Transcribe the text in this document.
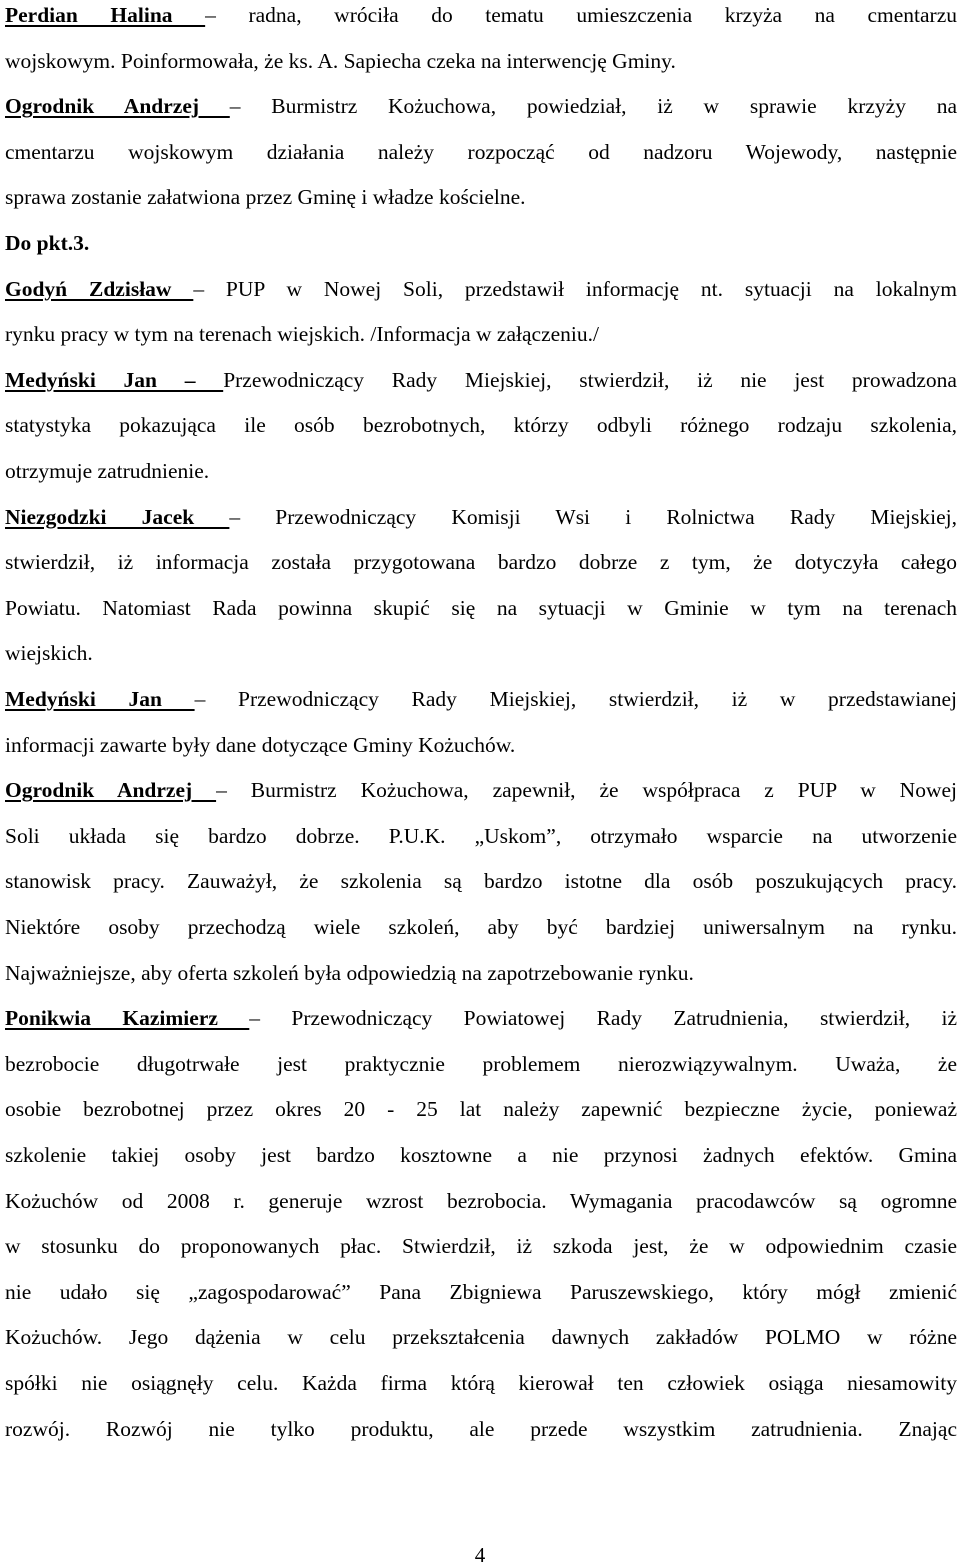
Perdian Halina – radna, wróciła do tematu umieszczenia krzyża na cmentarzu
wojskowym. Poinformowała, że ks. A. Sapiecha czeka na interwencję Gminy.
Ogrodnik Andrzej – Burmistrz Kożuchowa, powiedział, iż w sprawie krzyży na
cmentarzu wojskowym działania należy rozpocząć od nadzoru Wojewody, następnie
sprawa zostanie załatwiona przez Gminę i władze kościelne.
Do pkt.3.
Godyń Zdzisław – PUP w Nowej Soli, przedstawił informację nt. sytuacji na lokalnym
rynku pracy w tym na terenach wiejskich. /Informacja w załączeniu./
Medyński Jan – Przewodniczący Rady Miejskiej, stwierdził, iż nie jest prowadzona
statystyka pokazująca ile osób bezrobotnych, którzy odbyli różnego rodzaju szkolenia,
otrzymuje zatrudnienie.
Niezgodzki Jacek – Przewodniczący Komisji Wsi i Rolnictwa Rady Miejskiej,
stwierdził, iż informacja została przygotowana bardzo dobrze z tym, że dotyczyła całego
Powiatu. Natomiast Rada powinna skupić się na sytuacji w Gminie w tym na terenach
wiejskich.
Medyński Jan – Przewodniczący Rady Miejskiej, stwierdził, iż w przedstawianej
informacji zawarte były dane dotyczące Gminy Kożuchów.
Ogrodnik Andrzej – Burmistrz Kożuchowa, zapewnił, że współpraca z PUP w Nowej
Soli układa się bardzo dobrze. P.U.K. „Uskom”, otrzymało wsparcie na utworzenie
stanowisk pracy. Zauważył, że szkolenia są bardzo istotne dla osób poszukujących pracy.
Niektóre osoby przechodzą wiele szkoleń, aby być bardziej uniwersalnym na rynku.
Najważniejsze, aby oferta szkoleń była odpowiedzią na zapotrzebowanie rynku.
Ponikwia Kazimierz – Przewodniczący Powiatowej Rady Zatrudnienia, stwierdził, iż
bezrobocie długotrwałe jest praktycznie problemem nierozwiązywalnym. Uważa, że
osobie bezrobotnej przez okres 20 - 25 lat należy zapewnić bezpieczne życie, ponieważ
szkolenie takiej osoby jest bardzo kosztowne a nie przynosi żadnych efektów. Gmina
Kożuchów od 2008 r. generuje wzrost bezrobocia. Wymagania pracodawców są ogromne
w stosunku do proponowanych płac. Stwierdził, iż szkoda jest, że w odpowiednim czasie
nie udało się „zagospodarować” Pana Zbigniewa Paruszewskiego, który mógł zmienić
Kożuchów. Jego dążenia w celu przekształcenia dawnych zakładów POLMO w różne
spółki nie osiągnęły celu. Każda firma którą kierował ten człowiek osiąga niesamowity
rozwój. Rozwój nie tylko produktu, ale przede wszystkim zatrudnienia. Znając
4
